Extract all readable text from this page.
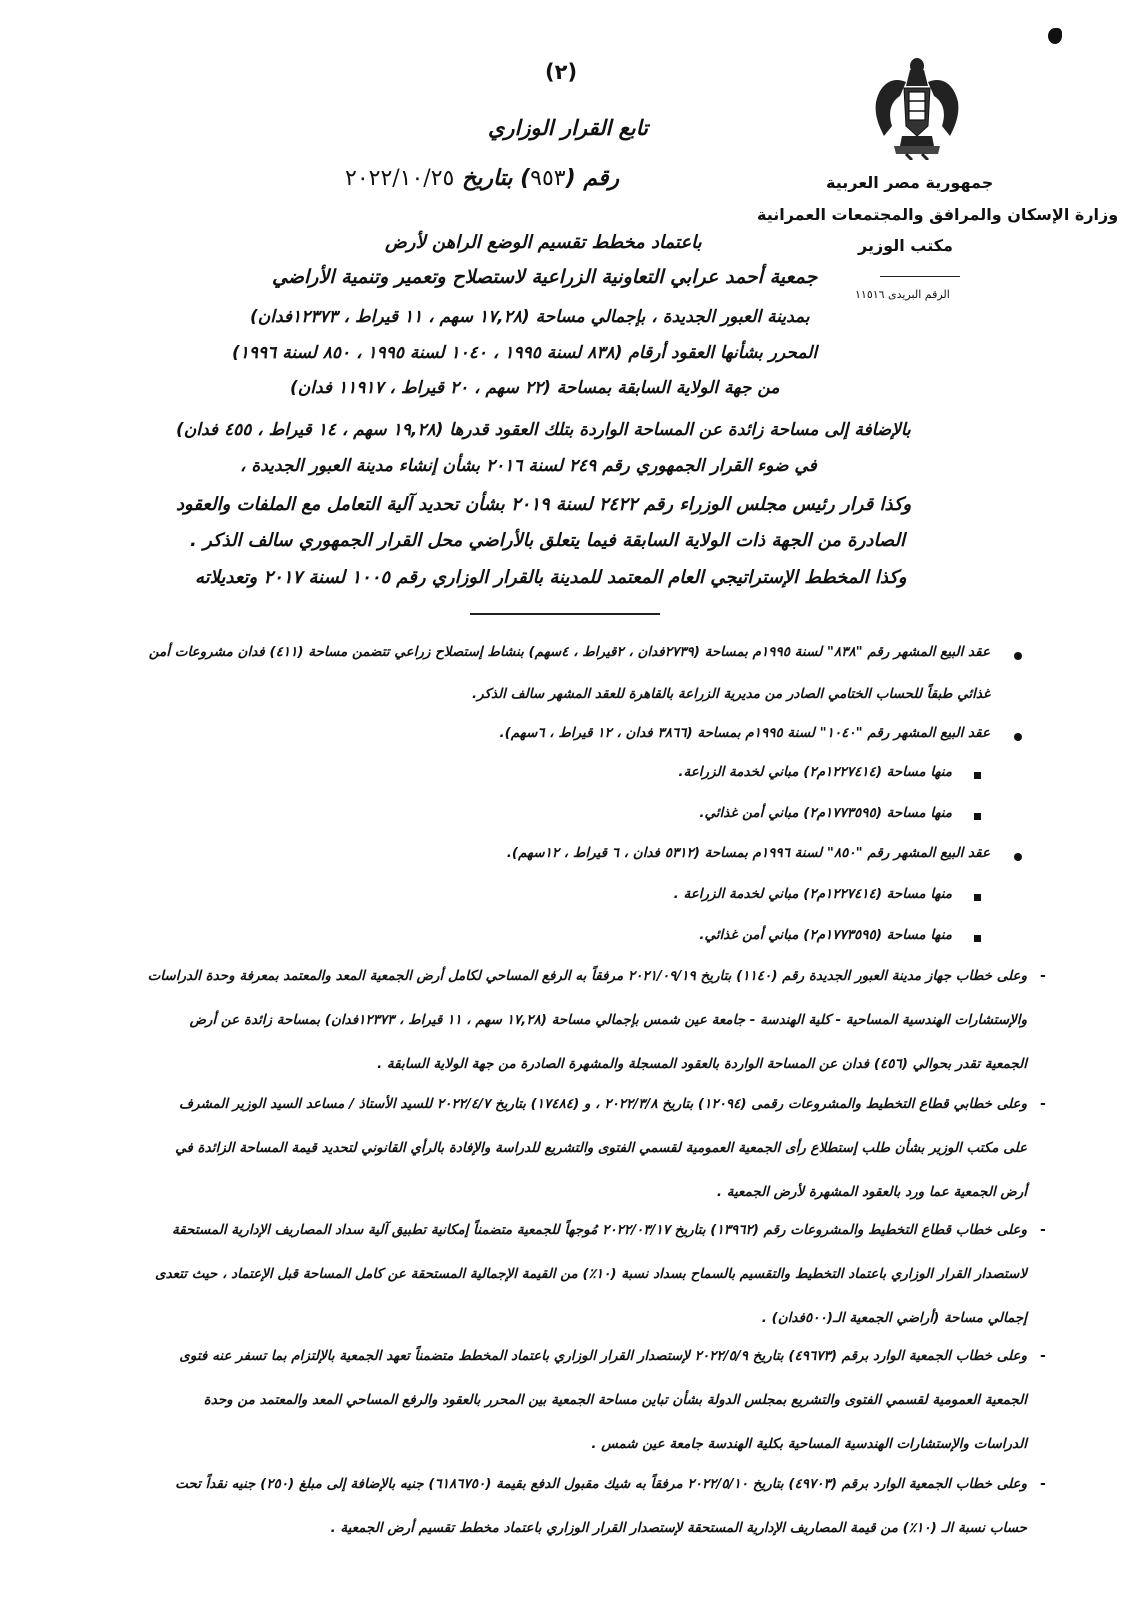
(٢)
تابع القرار الوزاري
رقم (٩٥٣) بتاريخ ٢٠٢٢/١٠/٢٥	جمهورية مصر العربية
وزارة الإسكان والمرافق والمجتمعات العمرانية
مكتب الوزير
الرقم البريدى ١١٥١٦
باعتماد مخطط تقسيم الوضع الراهن لأرض
جمعية أحمد عرابي التعاونية الزراعية لاستصلاح وتعمير وتنمية الأراضي
بمدينة العبور الجديدة ، بإجمالي مساحة (١٧,٢٨ سهم ، ١١ قيراط ، ١٢٣٧٣فدان)
المحرر بشأنها العقود أرقام (٨٣٨ لسنة ١٩٩٥ ، ١٠٤٠ لسنة ١٩٩٥ ، ٨٥٠ لسنة ١٩٩٦)
من جهة الولاية السابقة بمساحة (٢٢ سهم ، ٢٠ قيراط ، ١١٩١٧ فدان)
بالإضافة إلى مساحة زائدة عن المساحة الواردة بتلك العقود قدرها (١٩,٢٨ سهم ، ١٤ قيراط ، ٤٥٥ فدان)
في ضوء القرار الجمهوري رقم ٢٤٩ لسنة ٢٠١٦ بشأن إنشاء مدينة العبور الجديدة ،
وكذا قرار رئيس مجلس الوزراء رقم ٢٤٢٢ لسنة ٢٠١٩ بشأن تحديد آلية التعامل مع الملفات والعقود
الصادرة من الجهة ذات الولاية السابقة فيما يتعلق بالأراضي محل القرار الجمهوري سالف الذكر .
وكذا المخطط الإستراتيجي العام المعتمد للمدينة بالقرار الوزاري رقم ١٠٠٥ لسنة ٢٠١٧ وتعديلاته
عقد البيع المشهر رقم "٨٣٨" لسنة ١٩٩٥م بمساحة (٢٧٣٩فدان ، ٢قيراط ، ٤سهم) بنشاط إستصلاح زراعي تتضمن مساحة (٤١١) فدان مشروعات أمن
غذائي طبقاً للحساب الختامي الصادر من مديرية الزراعة بالقاهرة للعقد المشهر سالف الذكر.
عقد البيع المشهر رقم "١٠٤٠" لسنة ١٩٩٥م بمساحة (٣٨٦٦ فدان ، ١٢ قيراط ، ٦سهم).
منها مساحة (١٢٢٧٤١٤م٢) مباني لخدمة الزراعة.
منها مساحة (١٧٧٣٥٩٥م٢) مباني أمن غذائي.
عقد البيع المشهر رقم "٨٥٠" لسنة ١٩٩٦م بمساحة (٥٣١٢ فدان ، ٦ قيراط ، ١٢سهم).
منها مساحة (١٢٢٧٤١٤م٢) مباني لخدمة الزراعة .
منها مساحة (١٧٧٣٥٩٥م٢) مباني أمن غذائي.
-
وعلى خطاب جهاز مدينة العبور الجديدة رقم (١١٤٠) بتاريخ ٢٠٢١/٠٩/١٩ مرفقاً به الرفع المساحي لكامل أرض الجمعية المعد والمعتمد بمعرفة وحدة الدراسات
والإستشارات الهندسية المساحية - كلية الهندسة - جامعة عين شمس بإجمالي مساحة (١٧,٢٨ سهم ، ١١ قيراط ، ١٢٣٧٣فدان) بمساحة زائدة عن أرض
الجمعية تقدر بحوالي (٤٥٦) فدان عن المساحة الواردة بالعقود المسجلة والمشهرة الصادرة من جهة الولاية السابقة .
-
وعلى خطابي قطاع التخطيط والمشروعات رقمى (١٢٠٩٤) بتاريخ ٢٠٢٢/٣/٨ ، و (١٧٤٨٤) بتاريخ ٢٠٢٢/٤/٧ للسيد الأستاذ / مساعد السيد الوزير المشرف
على مكتب الوزير بشأن طلب إستطلاع رأى الجمعية العمومية لقسمي الفتوى والتشريع للدراسة والإفادة بالرأي القانوني لتحديد قيمة المساحة الزائدة في
أرض الجمعية عما ورد بالعقود المشهرة لأرض الجمعية .
-
وعلى خطاب قطاع التخطيط والمشروعات رقم (١٣٩٦٢) بتاريخ ٢٠٢٢/٠٣/١٧ مُوجهاً للجمعية متضمناً إمكانية تطبيق آلية سداد المصاريف الإدارية المستحقة
لاستصدار القرار الوزاري باعتماد التخطيط والتقسيم بالسماح بسداد نسبة (١٠٪) من القيمة الإجمالية المستحقة عن كامل المساحة قبل الإعتماد ، حيث تتعدى
إجمالي مساحة (أراضي الجمعية الـ(٥٠٠فدان) .
-
وعلى خطاب الجمعية الوارد برقم (٤٩٦٧٣) بتاريخ ٢٠٢٢/٥/٩ لإستصدار القرار الوزاري باعتماد المخطط متضمناً تعهد الجمعية بالإلتزام بما تسفر عنه فتوى
الجمعية العمومية لقسمي الفتوى والتشريع بمجلس الدولة بشأن تباين مساحة الجمعية بين المحرر بالعقود والرفع المساحي المعد والمعتمد من وحدة
الدراسات والإستشارات الهندسية المساحية بكلية الهندسة جامعة عين شمس .
-
وعلى خطاب الجمعية الوارد برقم (٤٩٧٠٣) بتاريخ ٢٠٢٢/٥/١٠ مرفقاً به شيك مقبول الدفع بقيمة (٦١٨٦٧٥٠) جنيه بالإضافة إلى مبلغ (٢٥٠) جنيه نقداً تحت
حساب نسبة الـ (١٠٪) من قيمة المصاريف الإدارية المستحقة لإستصدار القرار الوزاري باعتماد مخطط تقسيم أرض الجمعية .
